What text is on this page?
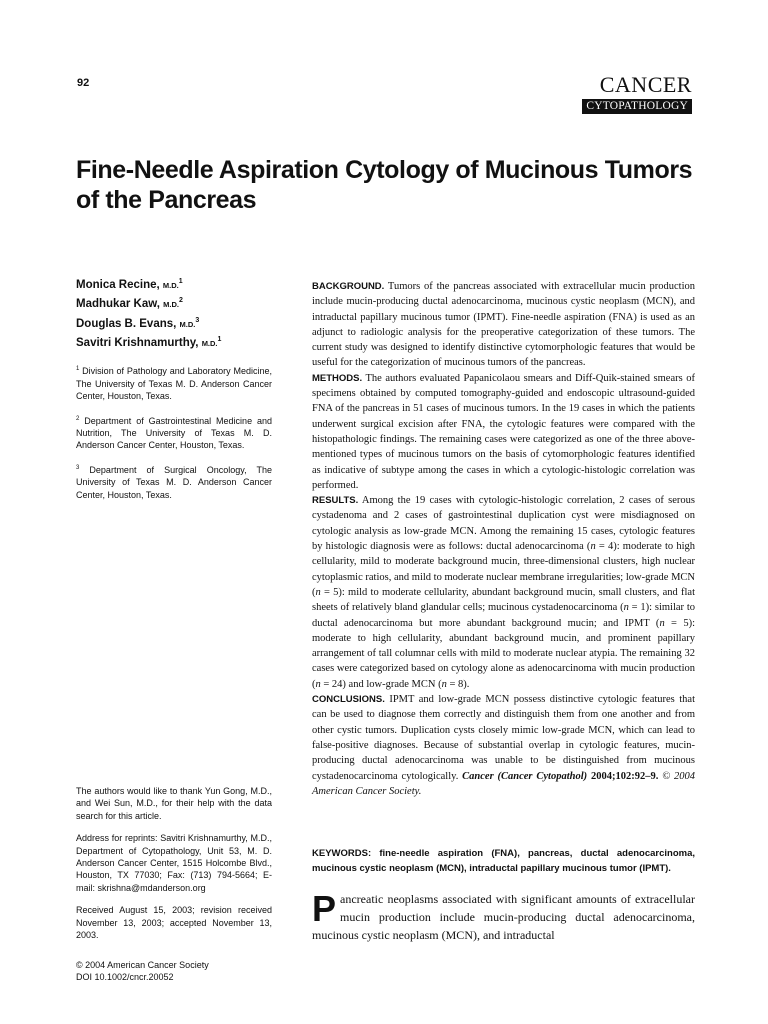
92	CANCER
CYTOPATHOLOGY
Fine-Needle Aspiration Cytology of Mucinous Tumors of the Pancreas

Monica Recine, M.D.$^1$

Madhukar Kaw, M.D.$^2$

Douglas B. Evans, M.D.$^3$

Savitri Krishnamurthy, M.D.$^1$

$^1$ Division of Pathology and Laboratory Medicine, The University of Texas M. D. Anderson Cancer Center, Houston, Texas.

$^2$ Department of Gastrointestinal Medicine and Nutrition, The University of Texas M. D. Anderson Cancer Center, Houston, Texas.

$^3$ Department of Surgical Oncology, The University of Texas M. D. Anderson Cancer Center, Houston, Texas.

The authors would like to thank Yun Gong, M.D., and Wei Sun, M.D., for their help with the data search for this article.

Address for reprints: Savitri Krishnamurthy, M.D., Department of Cytopathology, Unit 53, M. D. Anderson Cancer Center, 1515 Holcombe Blvd., Houston, TX 77030; Fax: (713) 794-5664; E-mail: skrishna@mdanderson.org

Received August 15, 2003; revision received November 13, 2003; accepted November 13, 2003.

© 2004 American Cancer Society

DOI 10.1002/cncr.20052

BACKGROUND. Tumors of the pancreas associated with extracellular mucin production include mucin-producing ductal adenocarcinoma, mucinous cystic neoplasm (MCN), and intraductal papillary mucinous tumor (IPMT). Fine-needle aspiration (FNA) is used as an adjunct to radiologic analysis for the preoperative categorization of these tumors. The current study was designed to identify distinctive cytomorphologic features that would be useful for the categorization of mucinous tumors of the pancreas.

METHODS. The authors evaluated Papanicolaou smears and Diff-Quik-stained smears of specimens obtained by computed tomography-guided and endoscopic ultrasound-guided FNA of the pancreas in 51 cases of mucinous tumors. In the 19 cases in which the patients underwent surgical excision after FNA, the cytologic features were compared with the histopathologic findings. The remaining cases were categorized as one of the three above-mentioned types of mucinous tumors on the basis of cytomorphologic features identified as indicative of subtype among the cases in which a cytologic-histologic correlation was performed.

RESULTS. Among the 19 cases with cytologic-histologic correlation, 2 cases of serous cystadenoma and 2 cases of gastrointestinal duplication cyst were misdiagnosed on cytologic analysis as low-grade MCN. Among the remaining 15 cases, cytologic features by histologic diagnosis were as follows: ductal adenocarcinoma (n = 4): moderate to high cellularity, mild to moderate background mucin, three-dimensional clusters, high nuclear cytoplasmic ratios, and mild to moderate nuclear membrane irregularities; low-grade MCN (n = 5): mild to moderate cellularity, abundant background mucin, small clusters, and flat sheets of relatively bland glandular cells; mucinous cystadenocarcinoma (n = 1): similar to ductal adenocarcinoma but more abundant background mucin; and IPMT (n = 5): moderate to high cellularity, abundant background mucin, and prominent papillary arrangement of tall columnar cells with mild to moderate nuclear atypia. The remaining 32 cases were categorized based on cytology alone as adenocarcinoma with mucin production (n = 24) and low-grade MCN (n = 8).

CONCLUSIONS. IPMT and low-grade MCN possess distinctive cytologic features that can be used to diagnose them correctly and distinguish them from one another and from other cystic tumors. Duplication cysts closely mimic low-grade MCN, which can lead to false-positive diagnoses. Because of substantial overlap in cytologic features, mucin-producing ductal adenocarcinoma was unable to be distinguished from mucinous cystadenocarcinoma cytologically. Cancer (Cancer Cytopathol) 2004;102:92–9. © 2004 American Cancer Society.

KEYWORDS: fine-needle aspiration (FNA), pancreas, ductal adenocarcinoma, mucinous cystic neoplasm (MCN), intraductal papillary mucinous tumor (IPMT).

Pancreatic neoplasms associated with significant amounts of extracellular mucin production include mucin-producing ductal adenocarcinoma, mucinous cystic neoplasm (MCN), and intraductal
